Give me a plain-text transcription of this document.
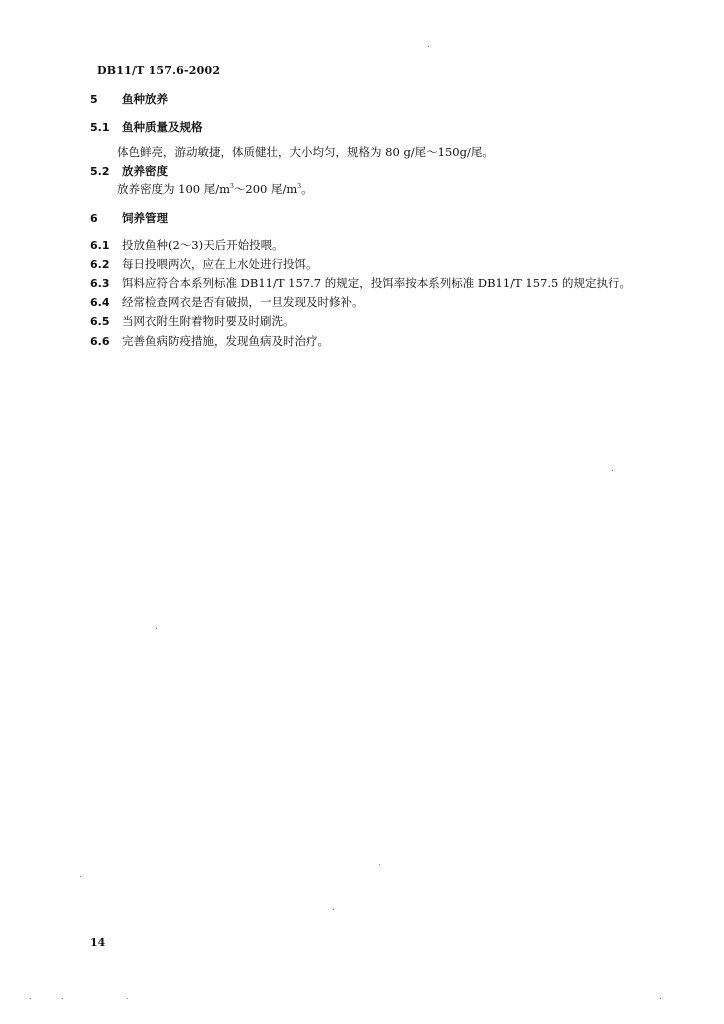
DB11/T 157.6-2002
5 鱼种放养
5.1 鱼种质量及规格
体色鲜亮，游动敏捷，体质健壮，大小均匀，规格为 80 g/尾～150g/尾。
5.2 放养密度
放养密度为 100 尾$/m^3\sim 200$ 尾$/m^3$。
6 饲养管理
6.1 投放鱼种(2～3)天后开始投喂。
6.2 每日投喂两次，应在上水处进行投饵。
6.3 饵料应符合本系列标准 DB11/T 157.7 的规定，投饵率按本系列标准 DB11/T 157.5 的规定执行。
6.4 经常检查网衣是否有破损，一旦发现及时修补。
6.5 当网衣附生附着物时要及时刷洗。
6.6 完善鱼病防疫措施，发现鱼病及时治疗。
14
